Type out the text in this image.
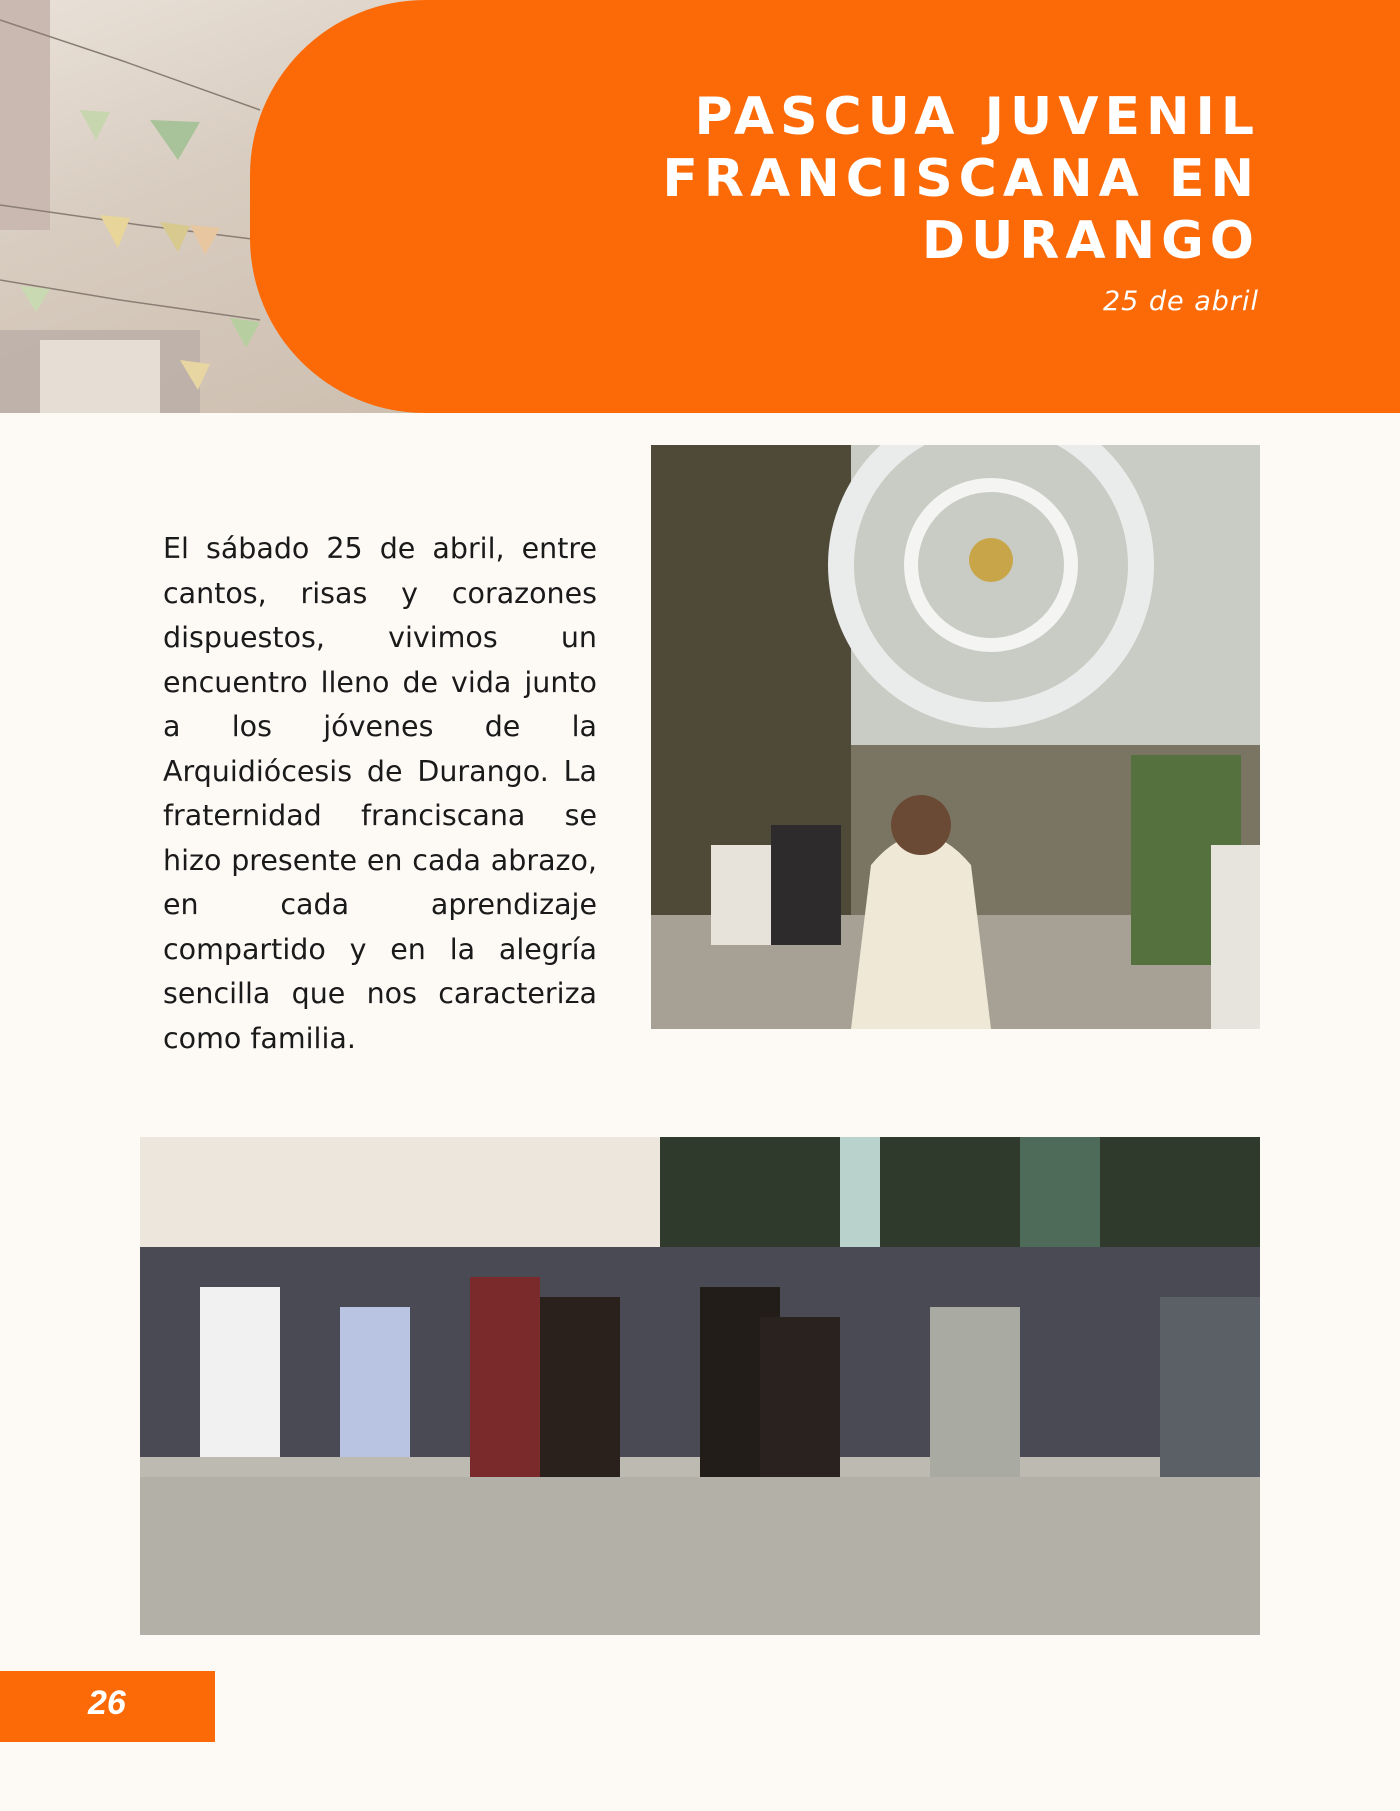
PASCUA JUVENIL FRANCISCANA EN DURANGO
25 de abril

El sábado 25 de abril, entre cantos, risas y corazones dispuestos, vivimos un encuentro lleno de vida junto a los jóvenes de la Arquidiócesis de Durango. La fraternidad franciscana se hizo presente en cada abrazo, en cada aprendizaje compartido y en la alegría sencilla que nos caracteriza como familia.

26
